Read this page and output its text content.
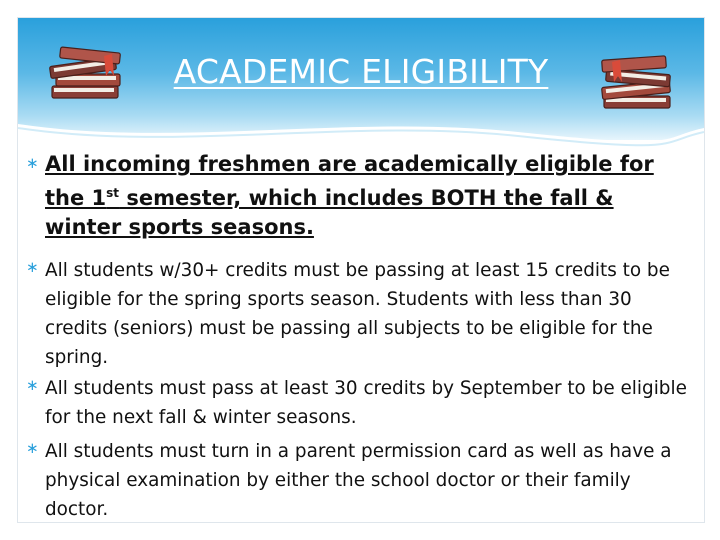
ACADEMIC ELIGIBILITY
∗ All incoming freshmen are academically eligible for the 1st semester, which includes BOTH the fall & winter sports seasons.
∗ All students w/30+ credits must be passing at least 15 credits to be eligible for the spring sports season. Students with less than 30 credits (seniors) must be passing all subjects to be eligible for the spring.
∗ All students must pass at least 30 credits by September to be eligible for the next fall & winter seasons.
∗ All students must turn in a parent permission card as well as have a physical examination by either the school doctor or their family doctor.
